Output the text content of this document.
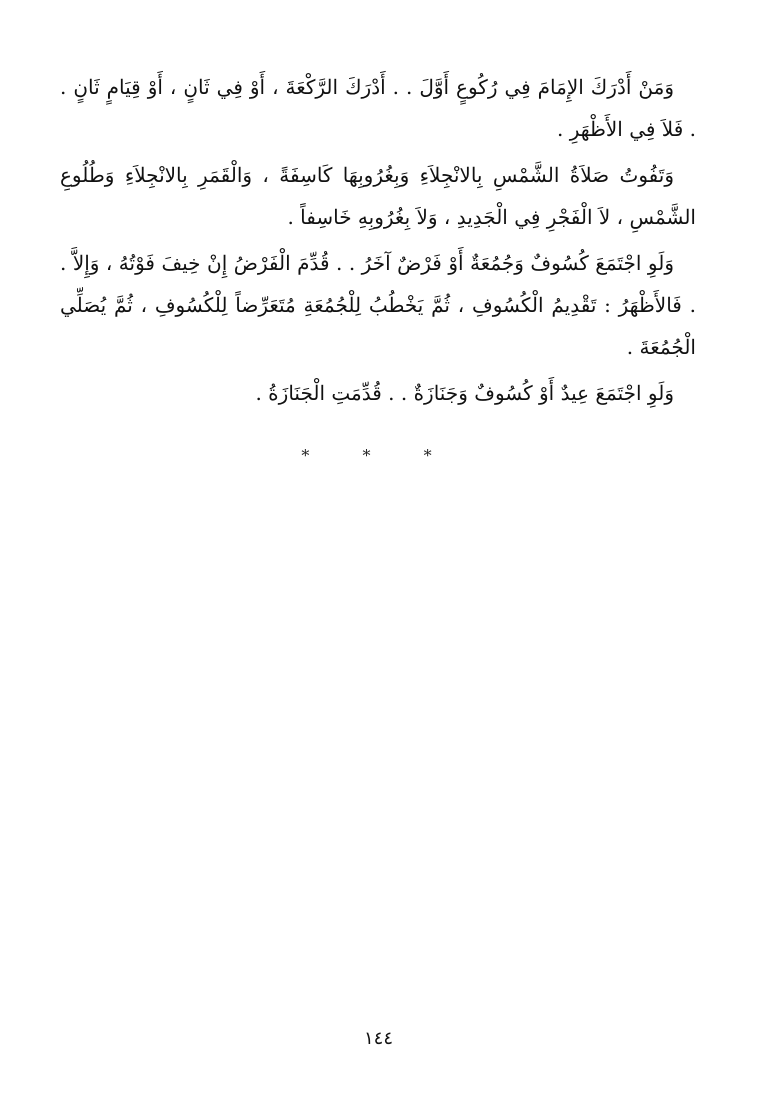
وَمَنْ أَدْرَكَ الإِمَامَ فِي رُكُوعٍ أَوَّلَ . . أَدْرَكَ الرَّكْعَةَ ، أَوْ فِي ثَانٍ ، أَوْ قِيَامٍ ثَانٍ . . فَلاَ فِي الأَظْهَرِ .

وَتَفُوتُ صَلاَةُ الشَّمْسِ بِالانْجِلاَءِ وَبِغُرُوبِهَا كَاسِفَةً ، وَالْقَمَرِ بِالانْجِلاَءِ وَطُلُوعِ الشَّمْسِ ، لاَ الْفَجْرِ فِي الْجَدِيدِ ، وَلاَ بِغُرُوبِهِ خَاسِفاً .

وَلَوِ اجْتَمَعَ كُسُوفٌ وَجُمُعَةٌ أَوْ فَرْضٌ آخَرُ . . قُدِّمَ الْفَرْضُ إِنْ خِيفَ فَوْتُهُ ، وَإِلاَّ . . فَالأَظْهَرُ : تَقْدِيمُ الْكُسُوفِ ، ثُمَّ يَخْطُبُ لِلْجُمُعَةِ مُتَعَرِّضاً لِلْكُسُوفِ ، ثُمَّ يُصَلِّي الْجُمُعَةَ .

وَلَوِ اجْتَمَعَ عِيدٌ أَوْ كُسُوفٌ وَجَنَازَةٌ . . قُدِّمَتِ الْجَنَازَةُ .

* * *
١٤٤
